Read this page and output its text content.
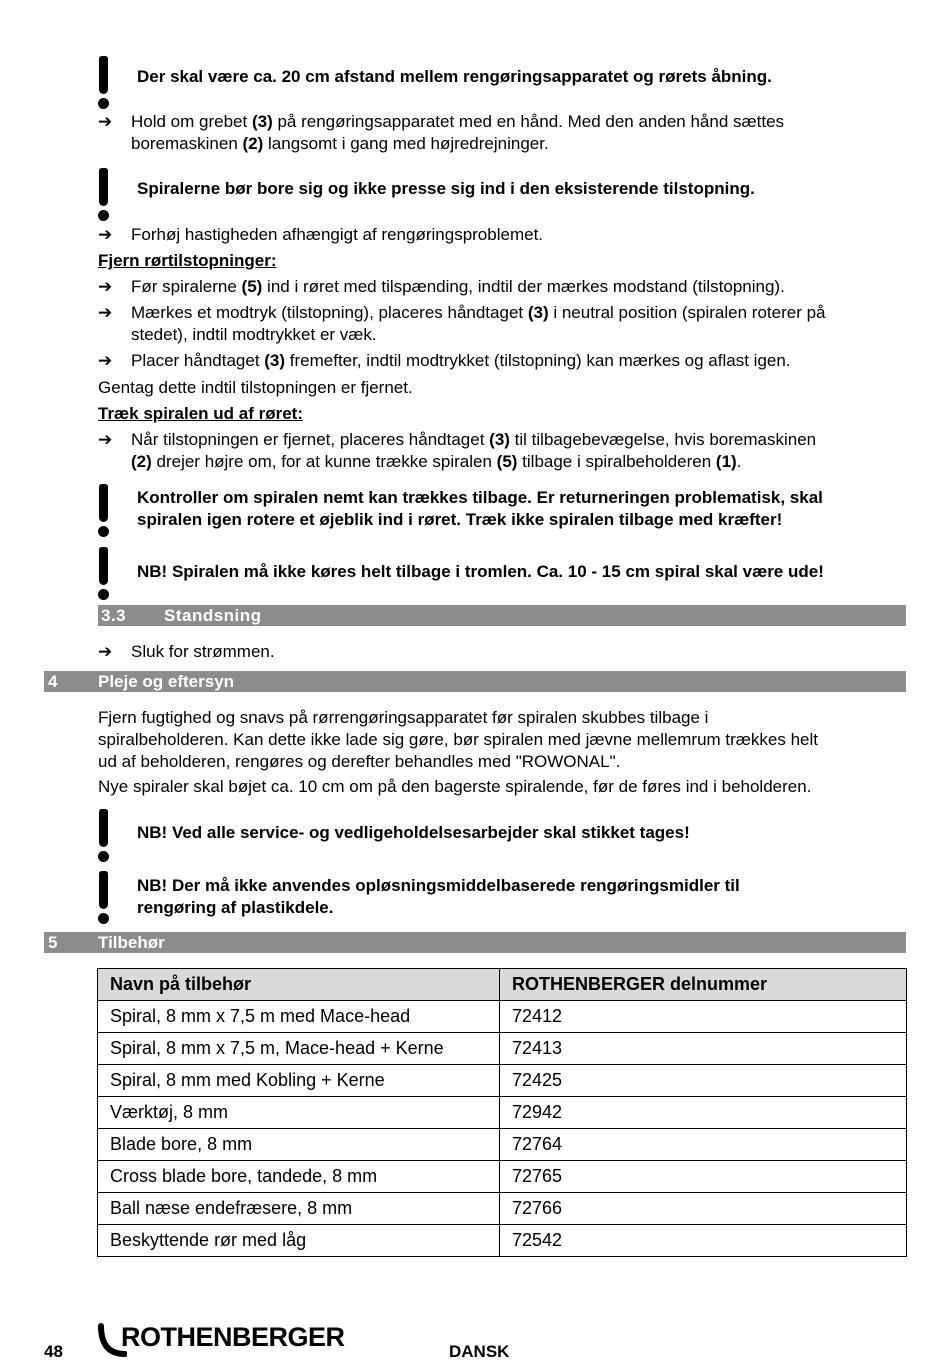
Der skal være ca. 20 cm afstand mellem rengøringsapparatet og rørets åbning.
➔ Hold om grebet (3) på rengøringsapparatet med en hånd. Med den anden hånd sættes
boremaskinen (2) langsomt i gang med højredrejninger.
Spiralerne bør bore sig og ikke presse sig ind i den eksisterende tilstopning.
➔ Forhøj hastigheden afhængigt af rengøringsproblemet.
Fjern rørtilstopninger:
➔ Før spiralerne (5) ind i røret med tilspænding, indtil der mærkes modstand (tilstopning).
➔ Mærkes et modtryk (tilstopning), placeres håndtaget (3) i neutral position (spiralen roterer på
stedet), indtil modtrykket er væk.
➔ Placer håndtaget (3) fremefter, indtil modtrykket (tilstopning) kan mærkes og aflast igen.
Gentag dette indtil tilstopningen er fjernet.
Træk spiralen ud af røret:
➔ Når tilstopningen er fjernet, placeres håndtaget (3) til tilbagebevægelse, hvis boremaskinen
(2) drejer højre om, for at kunne trække spiralen (5) tilbage i spiralbeholderen (1).
Kontroller om spiralen nemt kan trækkes tilbage. Er returneringen problematisk, skal
spiralen igen rotere et øjeblik ind i røret. Træk ikke spiralen tilbage med kræfter!
NB! Spiralen må ikke køres helt tilbage i tromlen. Ca. 10 - 15 cm spiral skal være ude!
3.3 Standsning
➔ Sluk for strømmen.
4 Pleje og eftersyn
Fjern fugtighed og snavs på rørrengøringsapparatet før spiralen skubbes tilbage i
spiralbeholderen. Kan dette ikke lade sig gøre, bør spiralen med jævne mellemrum trækkes helt
ud af beholderen, rengøres og derefter behandles med "ROWONAL".
Nye spiraler skal bøjet ca. 10 cm om på den bagerste spiralende, før de føres ind i beholderen.
NB! Ved alle service- og vedligeholdelsesarbejder skal stikket tages!
NB! Der må ikke anvendes opløsningsmiddelbaserede rengøringsmidler til
rengøring af plastikdele.
5 Tilbehør
Navn på tilbehør	ROTHENBERGER delnummer
Spiral, 8 mm x 7,5 m med Mace-head	72412
Spiral, 8 mm x 7,5 m, Mace-head + Kerne	72413
Spiral, 8 mm med Kobling + Kerne	72425
Værktøj, 8 mm	72942
Blade bore, 8 mm	72764
Cross blade bore, tandede, 8 mm	72765
Ball næse endefræsere, 8 mm	72766
Beskyttende rør med låg	72542
48 ROTHENBERGER	DANSK
